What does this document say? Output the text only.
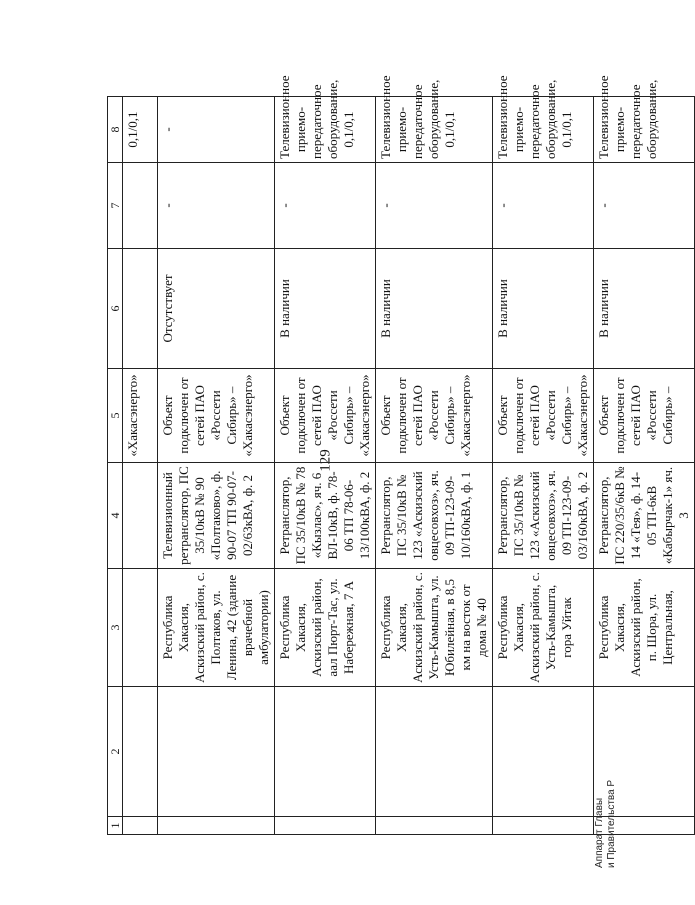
129
1	2	3	4	5	6	7	8
				«Хакасэнерго»			0,1/0,1
		Республика Хакасия, Аскизский район, с. Полтаков, ул. Ленина, 42 (здание врачебной амбулатории)	Телевизионный ретранслятор, ПС 35/10кВ № 90 «Полтаково», ф. 90-07 ТП 90-07-02/63кВА, ф. 2	Объект подключен от сетей ПАО «Россети Сибирь» – «Хакасэнерго»	Отсутствует	-	-
		Республика Хакасия, Аскизский район, аал Пюрт-Тас, ул. Набережная, 7 А	Ретранслятор, ПС 35/10кВ № 78 «Кызлас», яч. 6 ВЛ-10кВ, ф. 78-06 ТП 78-06-13/100кВА, ф. 2	Объект подключен от сетей ПАО «Россети Сибирь» – «Хакасэнерго»	В наличии	-	Телевизионное приемо-передаточное оборудование, 0,1/0,1
		Республика Хакасия, Аскизский район, с. Усть-Камышта, ул. Юбилейная, в 8,5 км на восток от дома № 40	Ретранслятор, ПС 35/10кВ № 123 «Аскизский овцесовхоз», яч. 09 ТП-123-09-10/160кВА, ф. 1	Объект подключен от сетей ПАО «Россети Сибирь» – «Хакасэнерго»	В наличии	-	Телевизионное приемо-передаточное оборудование, 0,1/0,1
		Республика Хакасия, Аскизский район, с. Усть-Камышта, гора Уйтак	Ретранслятор, ПС 35/10кВ № 123 «Аскизский овцесовхоз», яч. 09 ТП-123-09-03/160кВА, ф. 2	Объект подключен от сетей ПАО «Россети Сибирь» – «Хакасэнерго»	В наличии	-	Телевизионное приемо-передаточное оборудование, 0,1/0,1
		Республика Хакасия, Аскизский район, п. Шора, ул. Центральная,	Ретранслятор, ПС 220/35/6кВ № 14 «Тея», ф. 14-05 ТП-6кВ «Кабырчак-1» яч. 3	Объект подключен от сетей ПАО «Россети Сибирь» –	В наличии	-	Телевизионное приемо-передаточное оборудование,
Аппарат Главы и Правительства Р
